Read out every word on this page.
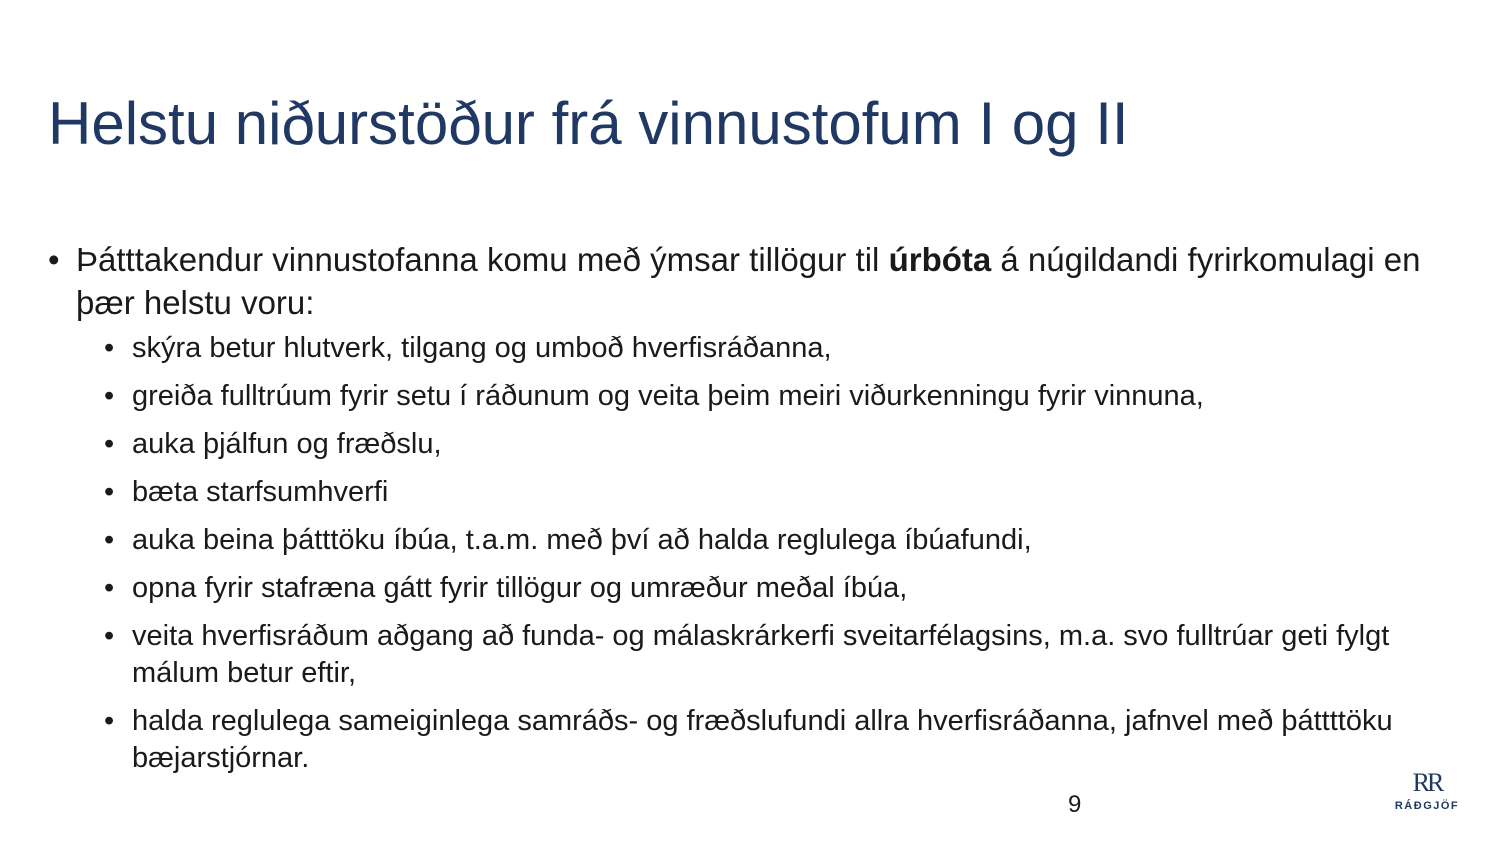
Helstu niðurstöður frá vinnustofum I og II

• Þátttakendur vinnustofanna komu með ýmsar tillögur til úrbóta á núgildandi fyrirkomulagi en þær helstu voru:

• skýra betur hlutverk, tilgang og umboð hverfisráðanna,
• greiða fulltrúum fyrir setu í ráðunum og veita þeim meiri viðurkenningu fyrir vinnuna,
• auka þjálfun og fræðslu,
• bæta starfsumhverfi
• auka beina þátttöku íbúa, t.a.m. með því að halda reglulega íbúafundi,
• opna fyrir stafræna gátt fyrir tillögur og umræður meðal íbúa,
• veita hverfisráðum aðgang að funda- og málaskrárkerfi sveitarfélagsins, m.a. svo fulltrúar geti fylgt málum betur eftir,
• halda reglulega sameiginlega samráðs- og fræðslufundi allra hverfisráðanna, jafnvel með þáttttöku bæjarstjórnar.
9
RR
RÁÐGJÖF
